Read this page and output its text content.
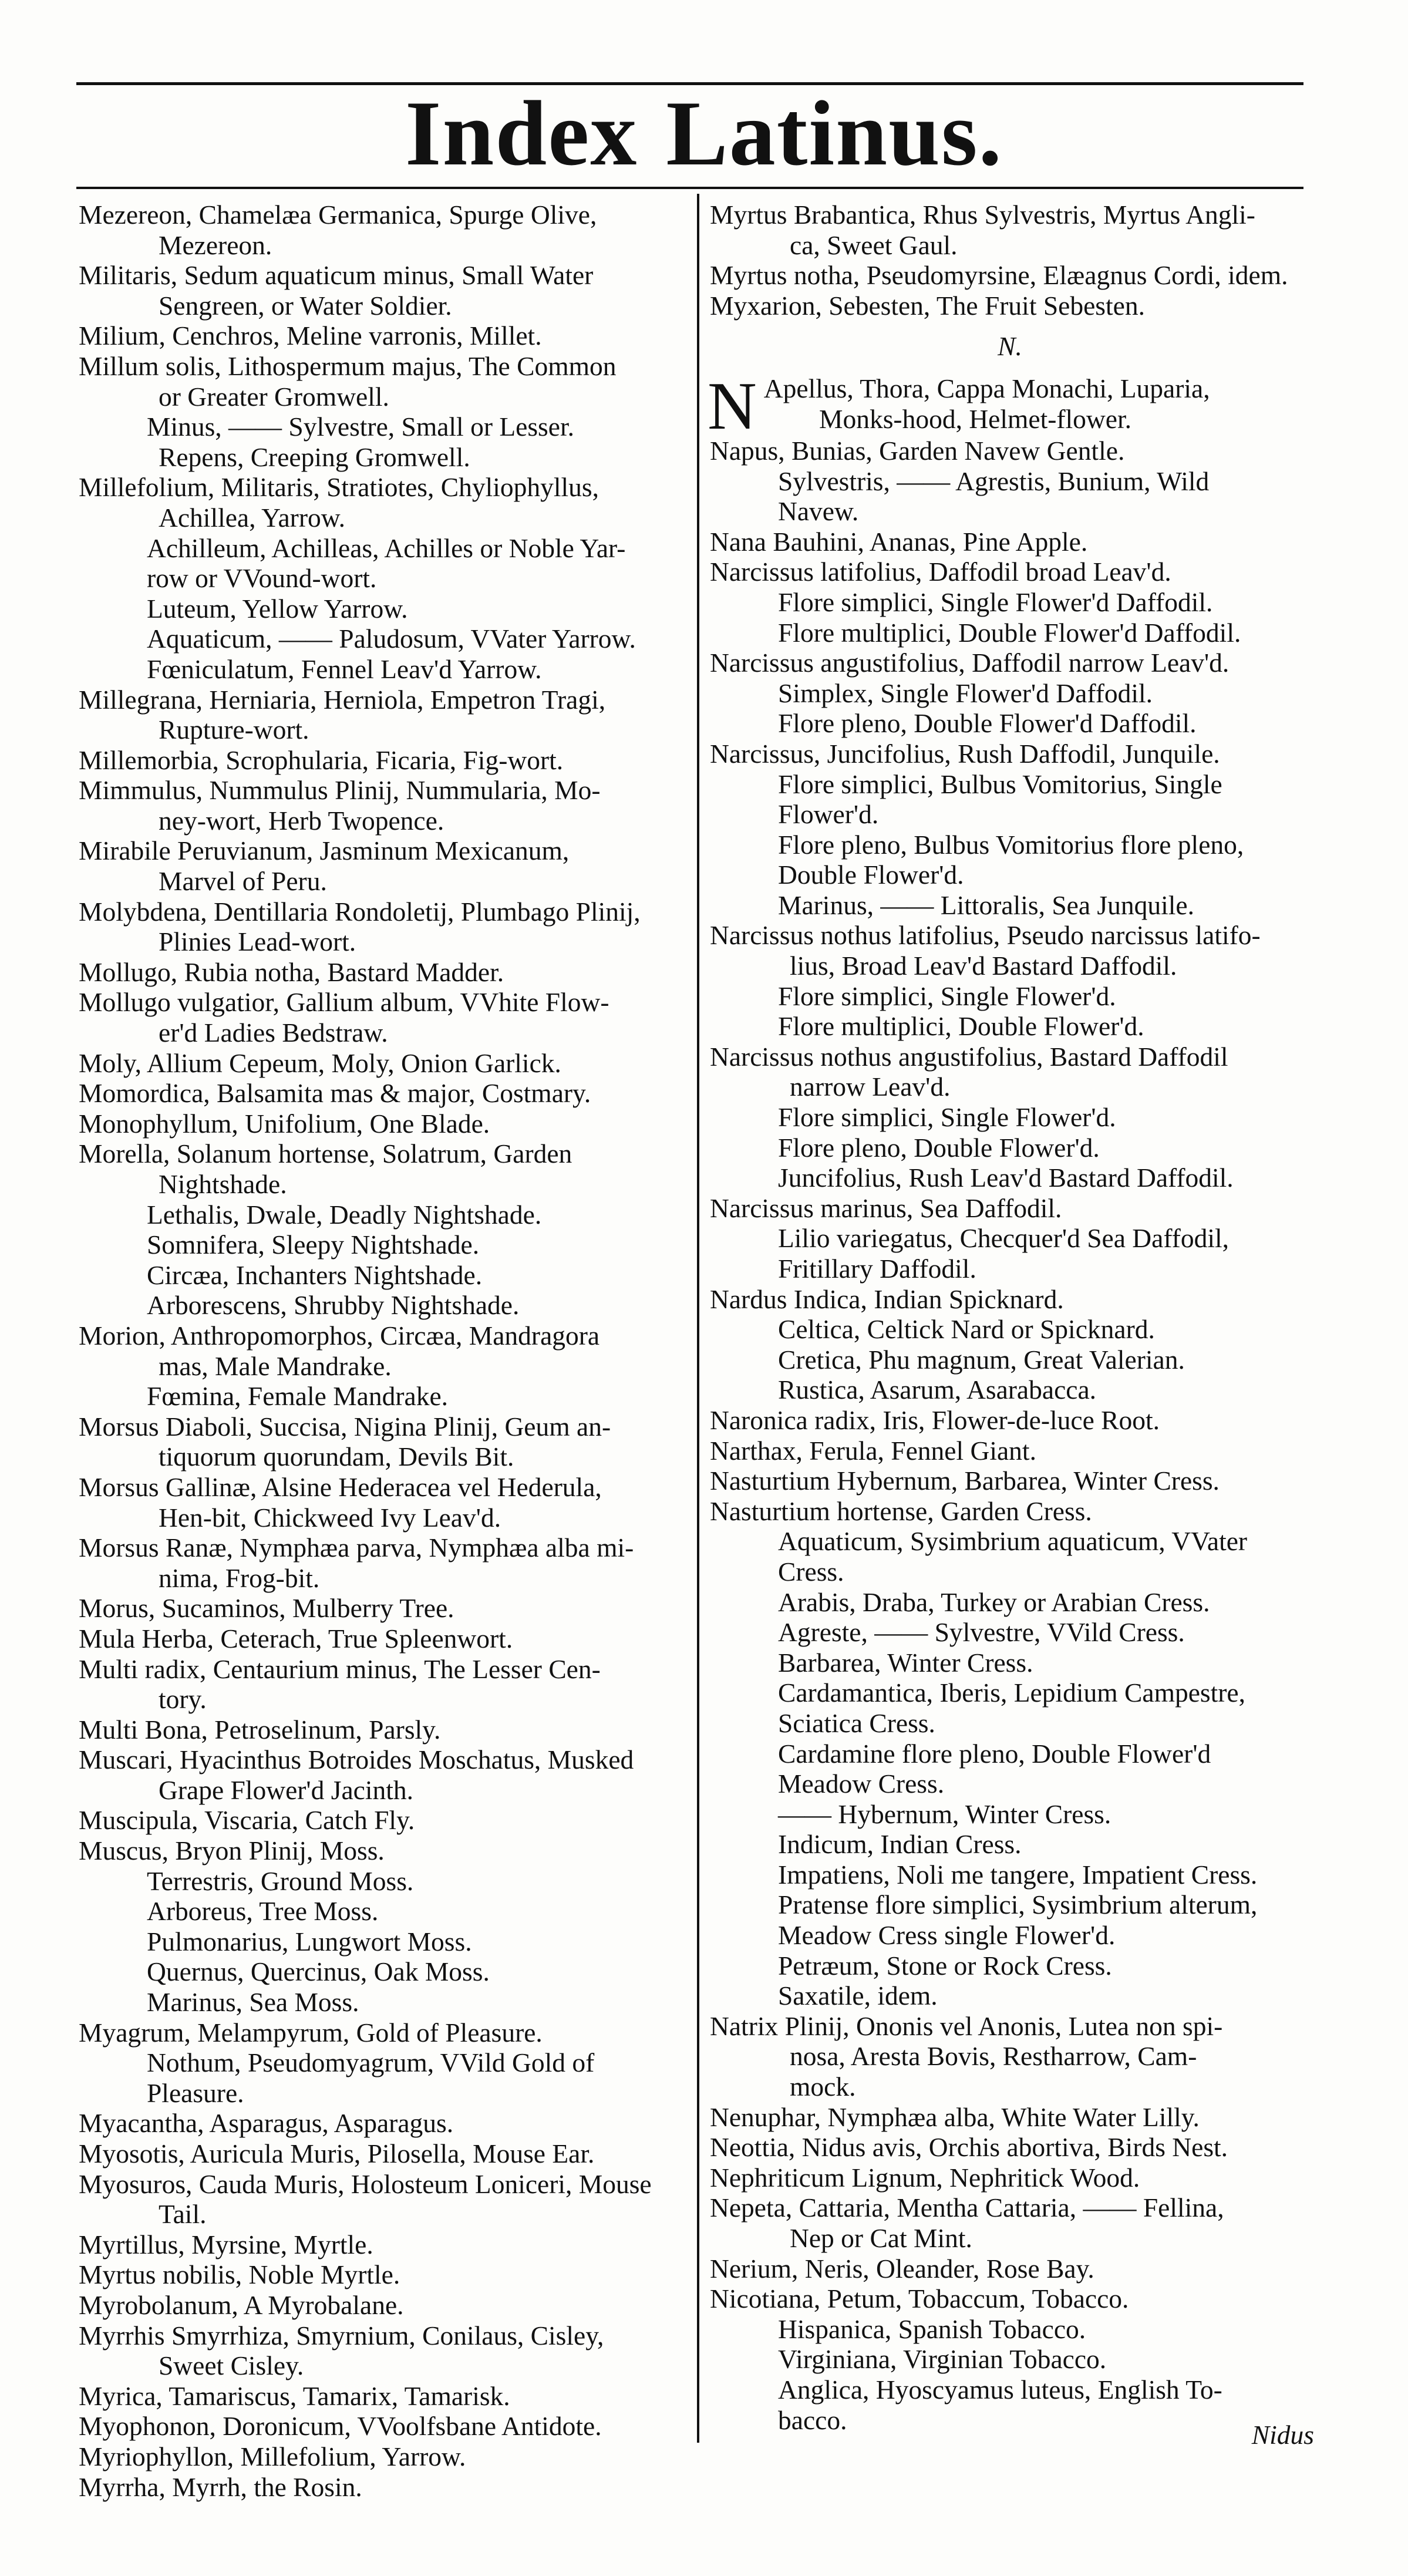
Index Latinus.
Mezereon, Chamelæa Germanica, Spurge Olive,
Mezereon.
Militaris, Sedum aquaticum minus, Small Water
Sengreen, or Water Soldier.
Milium, Cenchros, Meline varronis, Millet.
Millum solis, Lithospermum majus, The Common
or Greater Gromwell.
Minus, —— Sylvestre, Small or Lesser.
Repens, Creeping Gromwell.
Millefolium, Militaris, Stratiotes, Chyliophyllus,
Achillea, Yarrow.
Achilleum, Achilleas, Achilles or Noble Yar-
row or VVound-wort.
Luteum, Yellow Yarrow.
Aquaticum, —— Paludosum, VVater Yarrow.
Fœniculatum, Fennel Leav'd Yarrow.
Millegrana, Herniaria, Herniola, Empetron Tragi,
Rupture-wort.
Millemorbia, Scrophularia, Ficaria, Fig-wort.
Mimmulus, Nummulus Plinij, Nummularia, Mo-
ney-wort, Herb Twopence.
Mirabile Peruvianum, Jasminum Mexicanum,
Marvel of Peru.
Molybdena, Dentillaria Rondoletij, Plumbago Plinij,
Plinies Lead-wort.
Mollugo, Rubia notha, Bastard Madder.
Mollugo vulgatior, Gallium album, VVhite Flow-
er'd Ladies Bedstraw.
Moly, Allium Cepeum, Moly, Onion Garlick.
Momordica, Balsamita mas & major, Costmary.
Monophyllum, Unifolium, One Blade.
Morella, Solanum hortense, Solatrum, Garden
Nightshade.
Lethalis, Dwale, Deadly Nightshade.
Somnifera, Sleepy Nightshade.
Circæa, Inchanters Nightshade.
Arborescens, Shrubby Nightshade.
Morion, Anthropomorphos, Circæa, Mandragora
mas, Male Mandrake.
Fœmina, Female Mandrake.
Morsus Diaboli, Succisa, Nigina Plinij, Geum an-
tiquorum quorundam, Devils Bit.
Morsus Gallinæ, Alsine Hederacea vel Hederula,
Hen-bit, Chickweed Ivy Leav'd.
Morsus Ranæ, Nymphæa parva, Nymphæa alba mi-
nima, Frog-bit.
Morus, Sucaminos, Mulberry Tree.
Mula Herba, Ceterach, True Spleenwort.
Multi radix, Centaurium minus, The Lesser Cen-
tory.
Multi Bona, Petroselinum, Parsly.
Muscari, Hyacinthus Botroides Moschatus, Musked
Grape Flower'd Jacinth.
Muscipula, Viscaria, Catch Fly.
Muscus, Bryon Plinij, Moss.
Terrestris, Ground Moss.
Arboreus, Tree Moss.
Pulmonarius, Lungwort Moss.
Quernus, Quercinus, Oak Moss.
Marinus, Sea Moss.
Myagrum, Melampyrum, Gold of Pleasure.
Nothum, Pseudomyagrum, VVild Gold of
Pleasure.
Myacantha, Asparagus, Asparagus.
Myosotis, Auricula Muris, Pilosella, Mouse Ear.
Myosuros, Cauda Muris, Holosteum Loniceri, Mouse
Tail.
Myrtillus, Myrsine, Myrtle.
Myrtus nobilis, Noble Myrtle.
Myrobolanum, A Myrobalane.
Myrrhis Smyrrhiza, Smyrnium, Conilaus, Cisley,
Sweet Cisley.
Myrica, Tamariscus, Tamarix, Tamarisk.
Myophonon, Doronicum, VVoolfsbane Antidote.
Myriophyllon, Millefolium, Yarrow.
Myrrha, Myrrh, the Rosin.
Myrtus Brabantica, Rhus Sylvestris, Myrtus Angli-
ca, Sweet Gaul.
Myrtus notha, Pseudomyrsine, Elæagnus Cordi, idem.
Myxarion, Sebesten, The Fruit Sebesten.
N.
N Apellus, Thora, Cappa Monachi, Luparia,
Monks-hood, Helmet-flower.
Napus, Bunias, Garden Navew Gentle.
Sylvestris, —— Agrestis, Bunium, Wild
Navew.
Nana Bauhini, Ananas, Pine Apple.
Narcissus latifolius, Daffodil broad Leav'd.
Flore simplici, Single Flower'd Daffodil.
Flore multiplici, Double Flower'd Daffodil.
Narcissus angustifolius, Daffodil narrow Leav'd.
Simplex, Single Flower'd Daffodil.
Flore pleno, Double Flower'd Daffodil.
Narcissus, Juncifolius, Rush Daffodil, Junquile.
Flore simplici, Bulbus Vomitorius, Single
Flower'd.
Flore pleno, Bulbus Vomitorius flore pleno,
Double Flower'd.
Marinus, —— Littoralis, Sea Junquile.
Narcissus nothus latifolius, Pseudo narcissus latifo-
lius, Broad Leav'd Bastard Daffodil.
Flore simplici, Single Flower'd.
Flore multiplici, Double Flower'd.
Narcissus nothus angustifolius, Bastard Daffodil
narrow Leav'd.
Flore simplici, Single Flower'd.
Flore pleno, Double Flower'd.
Juncifolius, Rush Leav'd Bastard Daffodil.
Narcissus marinus, Sea Daffodil.
Lilio variegatus, Checquer'd Sea Daffodil,
Fritillary Daffodil.
Nardus Indica, Indian Spicknard.
Celtica, Celtick Nard or Spicknard.
Cretica, Phu magnum, Great Valerian.
Rustica, Asarum, Asarabacca.
Naronica radix, Iris, Flower-de-luce Root.
Narthax, Ferula, Fennel Giant.
Nasturtium Hybernum, Barbarea, Winter Cress.
Nasturtium hortense, Garden Cress.
Aquaticum, Sysimbrium aquaticum, VVater
Cress.
Arabis, Draba, Turkey or Arabian Cress.
Agreste, —— Sylvestre, VVild Cress.
Barbarea, Winter Cress.
Cardamantica, Iberis, Lepidium Campestre,
Sciatica Cress.
Cardamine flore pleno, Double Flower'd
Meadow Cress.
—— Hybernum, Winter Cress.
Indicum, Indian Cress.
Impatiens, Noli me tangere, Impatient Cress.
Pratense flore simplici, Sysimbrium alterum,
Meadow Cress single Flower'd.
Petræum, Stone or Rock Cress.
Saxatile, idem.
Natrix Plinij, Ononis vel Anonis, Lutea non spi-
nosa, Aresta Bovis, Restharrow, Cam-
mock.
Nenuphar, Nymphæa alba, White Water Lilly.
Neottia, Nidus avis, Orchis abortiva, Birds Nest.
Nephriticum Lignum, Nephritick Wood.
Nepeta, Cattaria, Mentha Cattaria, —— Fellina,
Nep or Cat Mint.
Nerium, Neris, Oleander, Rose Bay.
Nicotiana, Petum, Tobaccum, Tobacco.
Hispanica, Spanish Tobacco.
Virginiana, Virginian Tobacco.
Anglica, Hyoscyamus luteus, English To-
bacco.	Nidus
